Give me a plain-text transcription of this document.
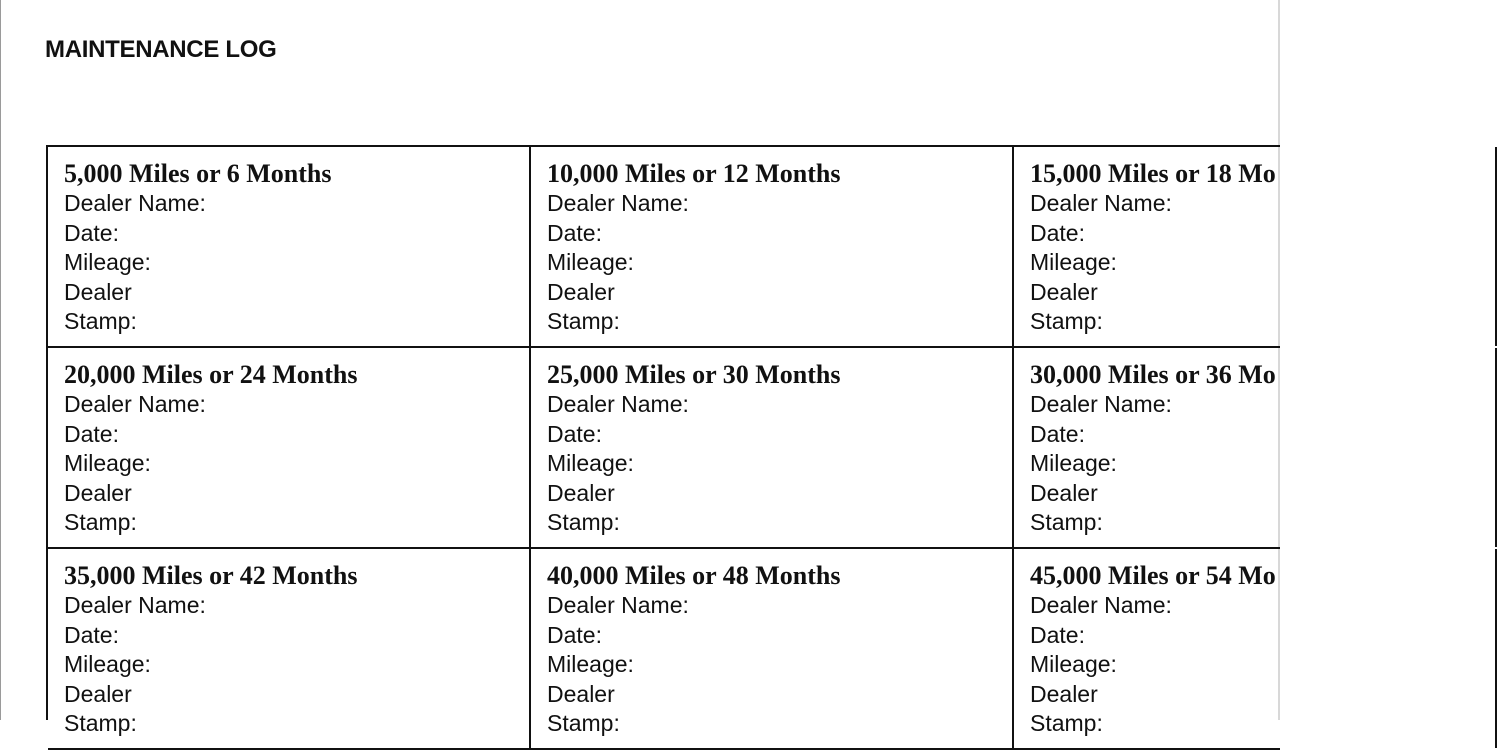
MAINTENANCE LOG
5,000 Miles or 6 Months
Dealer Name:
Date:
Mileage:
Dealer
Stamp:
10,000 Miles or 12 Months
Dealer Name:
Date:
Mileage:
Dealer
Stamp:
15,000 Miles or 18 Mo
Dealer Name:
Date:
Mileage:
Dealer
Stamp:
20,000 Miles or 24 Months
Dealer Name:
Date:
Mileage:
Dealer
Stamp:
25,000 Miles or 30 Months
Dealer Name:
Date:
Mileage:
Dealer
Stamp:
30,000 Miles or 36 Mo
Dealer Name:
Date:
Mileage:
Dealer
Stamp:
35,000 Miles or 42 Months
Dealer Name:
Date:
Mileage:
Dealer
Stamp:
40,000 Miles or 48 Months
Dealer Name:
Date:
Mileage:
Dealer
Stamp:
45,000 Miles or 54 Mo
Dealer Name:
Date:
Mileage:
Dealer
Stamp:
